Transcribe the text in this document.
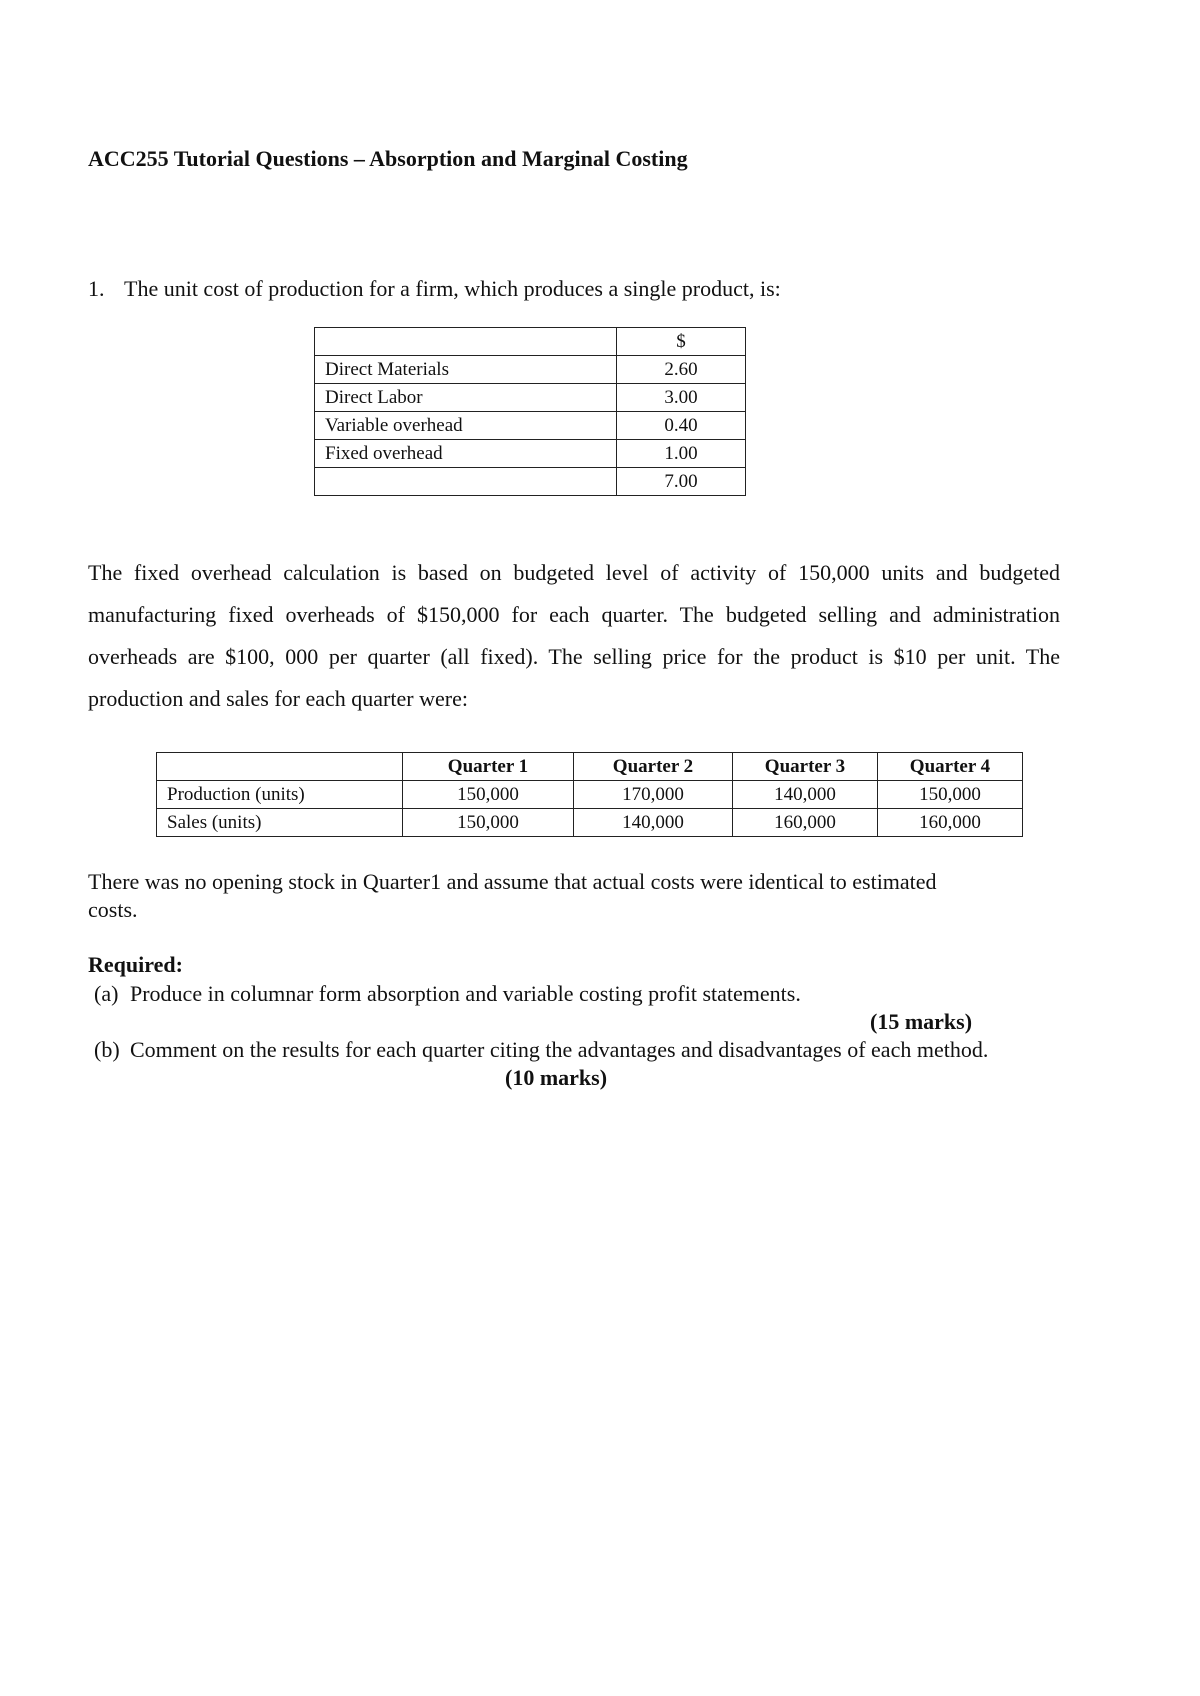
ACC255 Tutorial Questions – Absorption and Marginal Costing
1. The unit cost of production for a firm, which produces a single product, is:
	$
Direct Materials	2.60
Direct Labor	3.00
Variable overhead	0.40
Fixed overhead	1.00
	7.00

The fixed overhead calculation is based on budgeted level of activity of 150,000 units and budgeted manufacturing fixed overheads of $150,000 for each quarter. The budgeted selling and administration overheads are $100, 000 per quarter (all fixed). The selling price for the product is $10 per unit. The production and sales for each quarter were:

	Quarter 1	Quarter 2	Quarter 3	Quarter 4
Production (units)	150,000	170,000	140,000	150,000
Sales (units)	150,000	140,000	160,000	160,000

There was no opening stock in Quarter1 and assume that actual costs were identical to estimated costs.

Required:

(a) Produce in columnar form absorption and variable costing profit statements.
(15 marks)
(b) Comment on the results for each quarter citing the advantages and disadvantages of each method.
(10 marks)
